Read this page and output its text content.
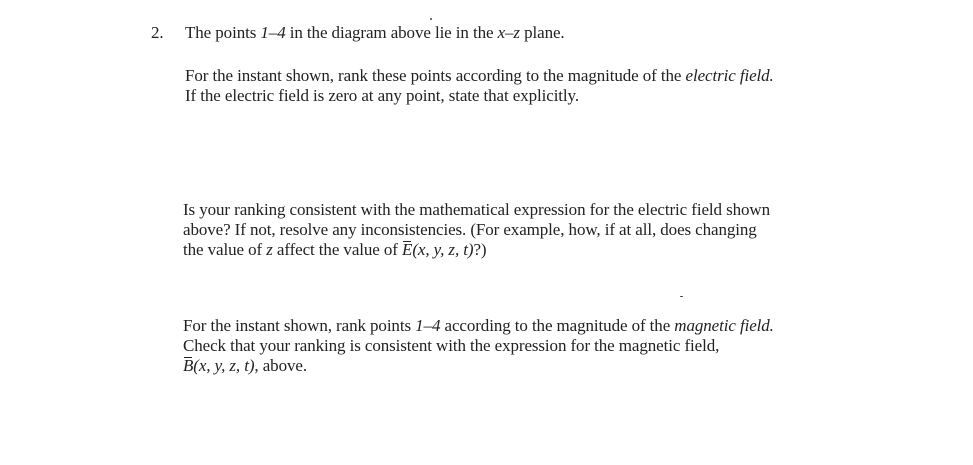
2. The points 1–4 in the diagram above lie in the x–z plane.
For the instant shown, rank these points according to the magnitude of the electric field.
If the electric field is zero at any point, state that explicitly.
Is your ranking consistent with the mathematical expression for the electric field shown
above? If not, resolve any inconsistencies. (For example, how, if at all, does changing
the value of z affect the value of E(x, y, z, t)?)
For the instant shown, rank points 1–4 according to the magnitude of the magnetic field.
Check that your ranking is consistent with the expression for the magnetic field,
B(x, y, z, t), above.
